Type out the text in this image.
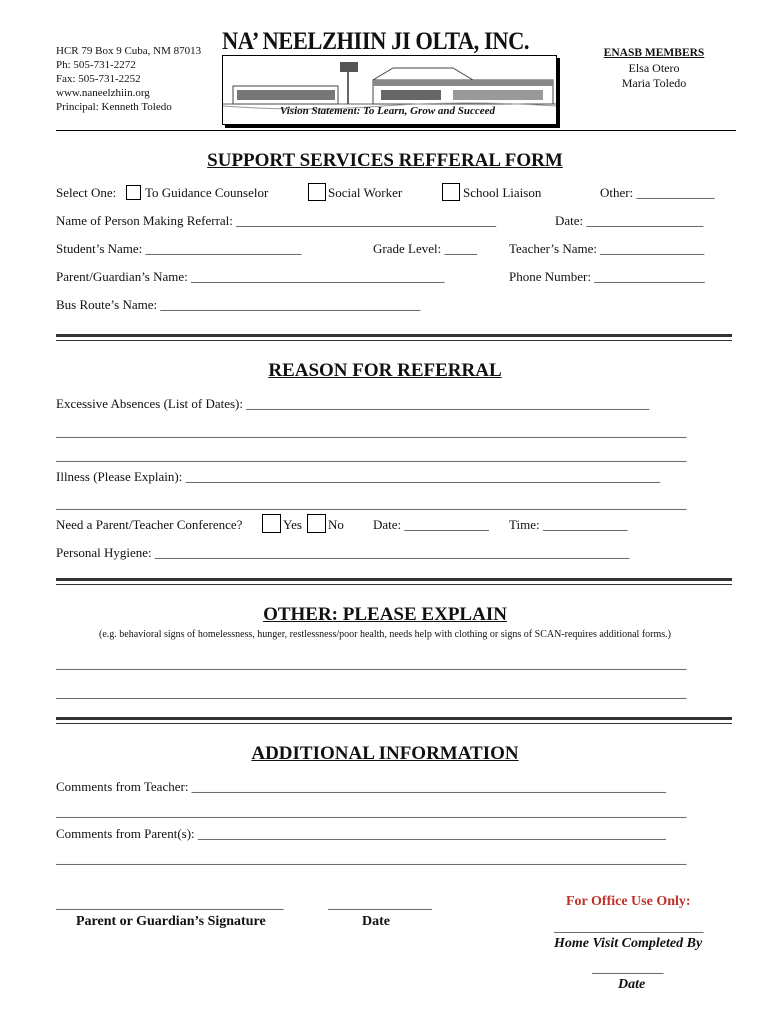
HCR 79 Box 9 Cuba, NM 87013
Ph: 505-731-2272
Fax: 505-731-2252
www.naneelzhiin.org
Principal: Kenneth Toledo
NA’ NEELZHIIN JI OLTA, INC.
Vision Statement: To Learn, Grow and Succeed
ENASB MEMBERS
Elsa Otero
Maria Toledo
SUPPORT SERVICES REFFERAL FORM
Select One: To Guidance Counselor	Social Worker	School Liaison	Other: ____________
Name of Person Making Referral: ________________________________________	Date: __________________
Student’s Name: ________________________	Grade Level: _____ Teacher’s Name: ________________
Parent/Guardian’s Name: _______________________________________	Phone Number: _________________
Bus Route’s Name: ________________________________________
REASON FOR REFERRAL
Excessive Absences (List of Dates): ______________________________________________________________
_________________________________________________________________________________________________
_________________________________________________________________________________________________
Illness (Please Explain): _________________________________________________________________________
_________________________________________________________________________________________________
Need a Parent/Teacher Conference?	Yes No Date: _____________ Time: _____________
Personal Hygiene: _________________________________________________________________________
OTHER: PLEASE EXPLAIN
(e.g. behavioral signs of homelessness, hunger, restlessness/poor health, needs help with clothing or signs of SCAN-requires additional forms.)
_________________________________________________________________________________________________
_________________________________________________________________________________________________
ADDITIONAL INFORMATION
Comments from Teacher: _________________________________________________________________________
_________________________________________________________________________________________________
Comments from Parent(s): ________________________________________________________________________
_________________________________________________________________________________________________
___________________________________	________________
Parent or Guardian’s Signature	Date
For Office Use Only:
_______________________
Home Visit Completed By
___________
Date
